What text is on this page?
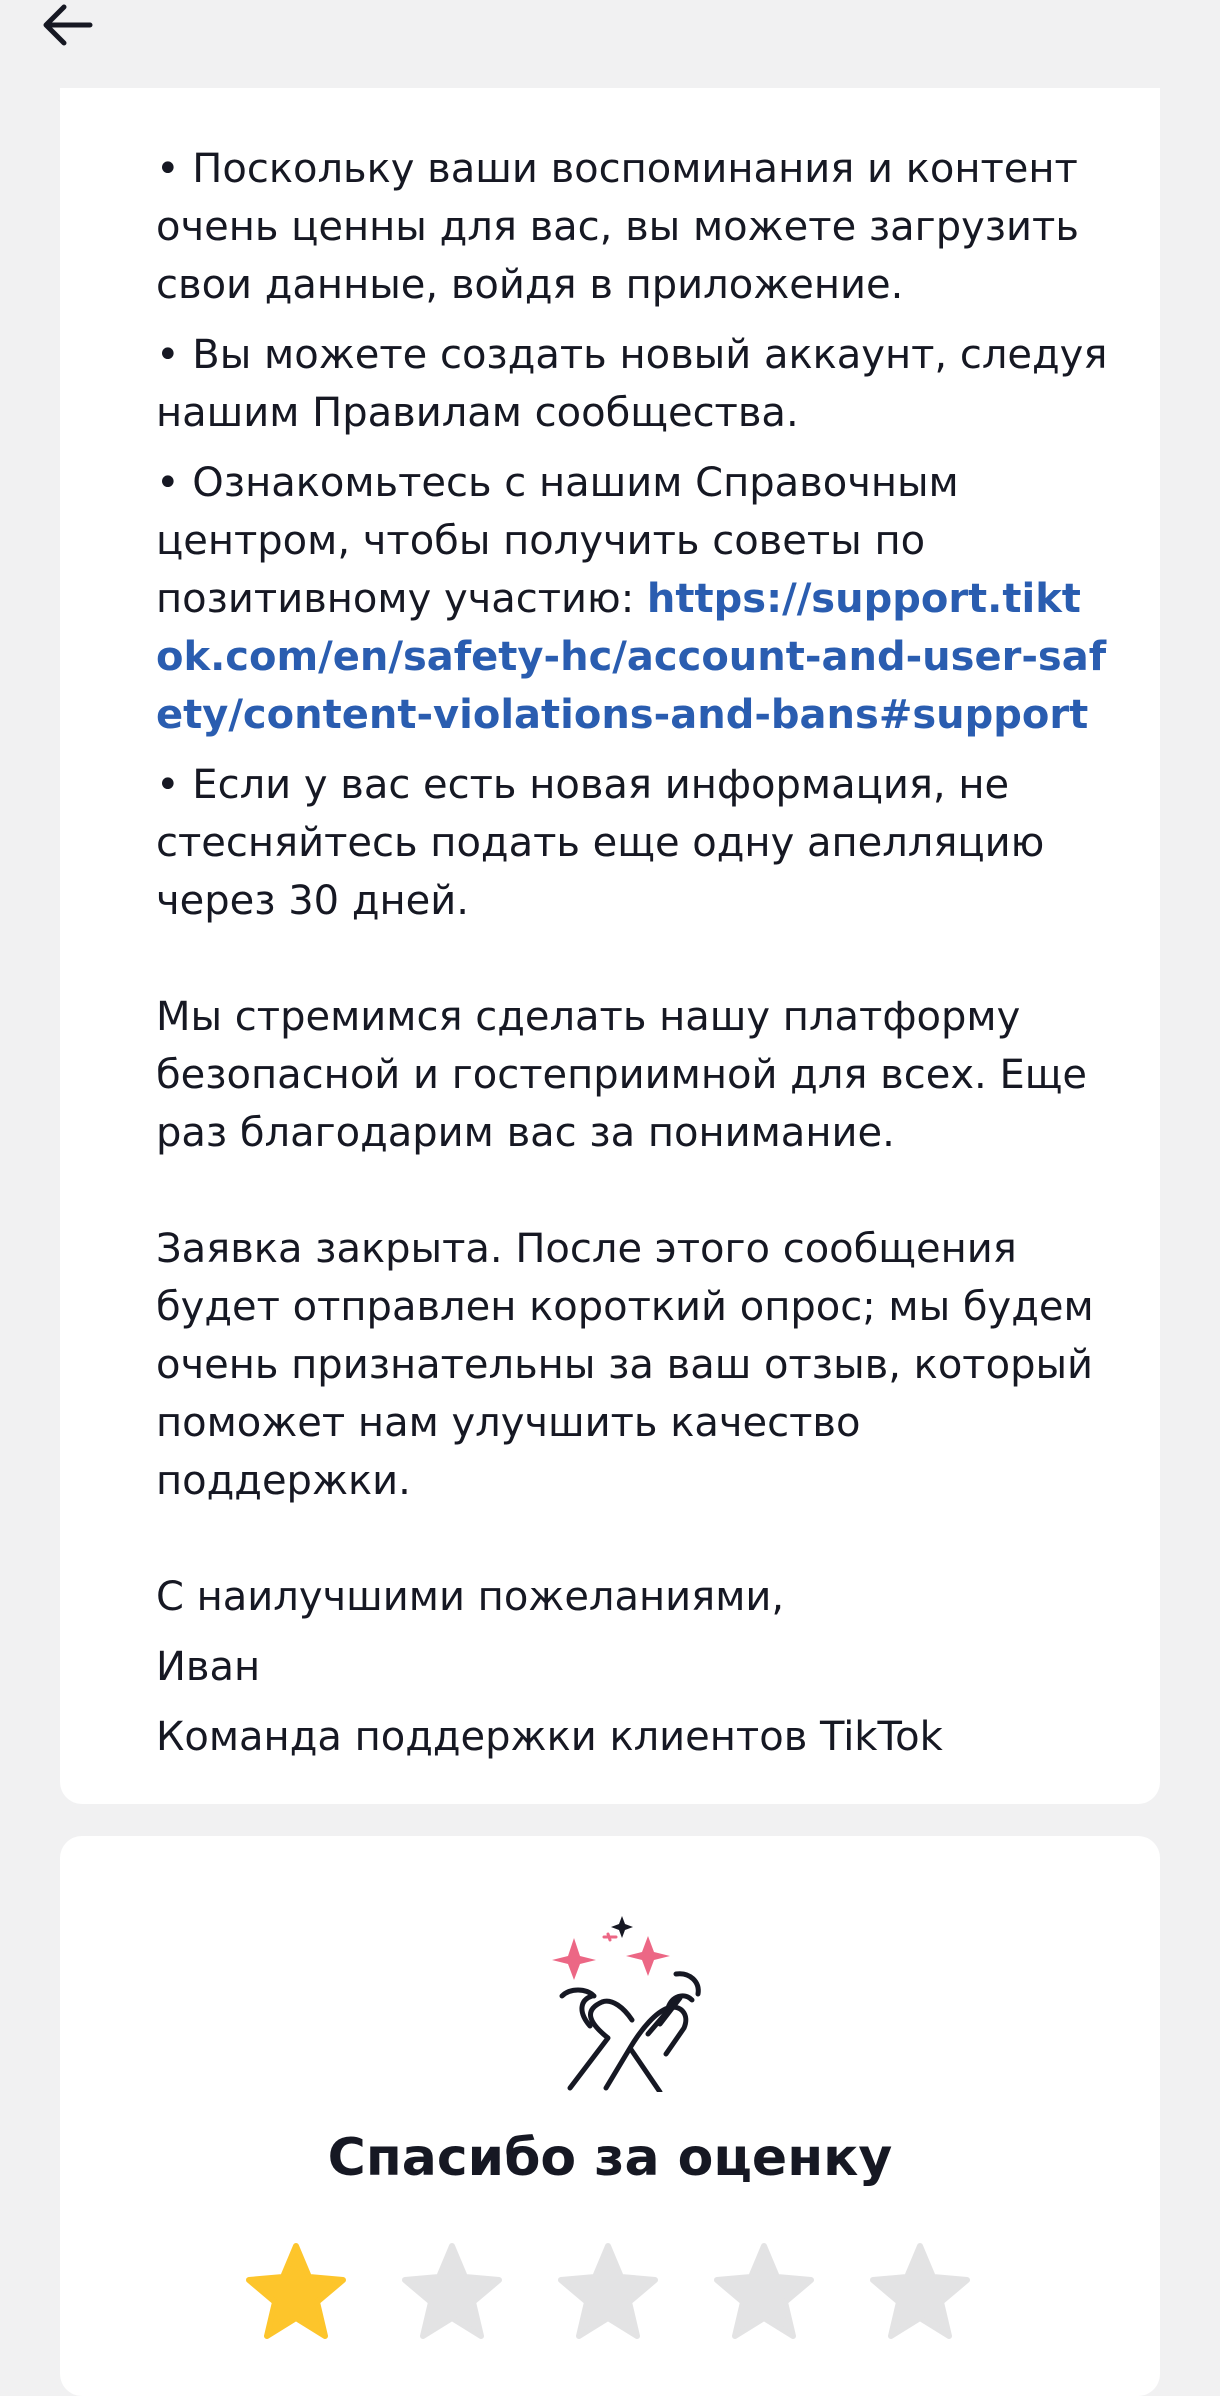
• Поскольку ваши воспоминания и контент очень ценны для вас, вы можете загрузить свои данные, войдя в приложение.

• Вы можете создать новый аккаунт, следуя нашим Правилам сообщества.

• Ознакомьтесь с нашим Справочным центром, чтобы получить советы по позитивному участию: https://support.tiktok.com/en/safety-hc/account-and-user-safety/content-violations-and-bans#support

• Если у вас есть новая информация, не стесняйтесь подать еще одну апелляцию через 30 дней.

Мы стремимся сделать нашу платформу безопасной и гостеприимной для всех. Еще раз благодарим вас за понимание.

Заявка закрыта. После этого сообщения будет отправлен короткий опрос; мы будем очень признательны за ваш отзыв, который поможет нам улучшить качество поддержки.

С наилучшими пожеланиями,

Иван

Команда поддержки клиентов TikTok

Спасибо за оценку
